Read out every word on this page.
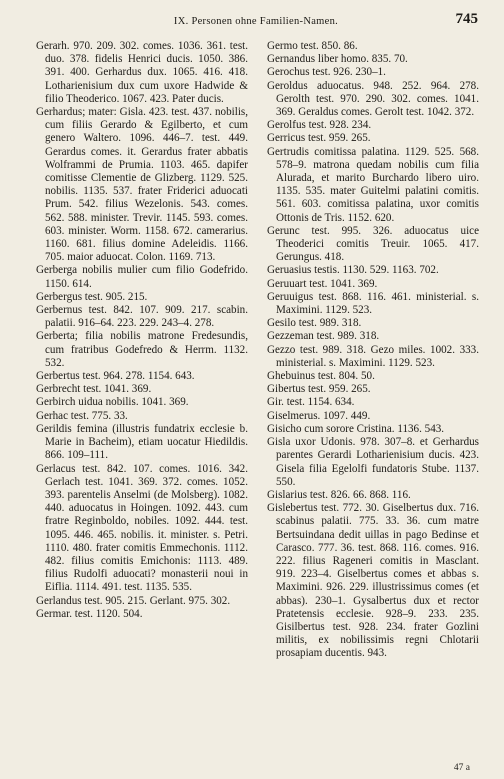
IX. Personen ohne Familien-Namen.	745

Gerarh. 970. 209. 302. comes. 1036. 361. test. duo. 378. fidelis Henrici ducis. 1050. 386. 391. 400. Gerhardus dux. 1065. 416. 418. Lotharienisium dux cum uxore Hadwide & filio Theoderico. 1067. 423. Pater ducis.

Gerhardus; mater: Gisla. 423. test. 437. nobilis, cum filiis Gerardo & Egilberto, et cum genero Waltero. 1096. 446–7. test. 449. Gerardus comes. it. Gerardus frater abbatis Wolframmi de Prumia. 1103. 465. dapifer comitisse Clementie de Glizberg. 1129. 525. nobilis. 1135. 537. frater Friderici aduocati Prum. 542. filius Wezelonis. 543. comes. 562. 588. minister. Trevir. 1145. 593. comes. 603. minister. Worm. 1158. 672. camerarius. 1160. 681. filius domine Adeleidis. 1166. 705. maior aduocat. Colon. 1169. 713.

Gerberga nobilis mulier cum filio Godefrido. 1150. 614.

Gerbergus test. 905. 215.

Gerbernus test. 842. 107. 909. 217. scabin. palatii. 916–64. 223. 229. 243–4. 278.

Gerberta; filia nobilis matrone Fredesundis, cum fratribus Godefredo & Herrm. 1132. 532.

Gerbertus test. 964. 278. 1154. 643.

Gerbrecht test. 1041. 369.

Gerbirch uidua nobilis. 1041. 369.

Gerhac test. 775. 33.

Gerildis femina (illustris fundatrix ecclesie b. Marie in Bacheim), etiam uocatur Hiedildis. 866. 109–111.

Gerlacus test. 842. 107. comes. 1016. 342. Gerlach test. 1041. 369. 372. comes. 1052. 393. parentelis Anselmi (de Molsberg). 1082. 440. aduocatus in Hoingen. 1092. 443. cum fratre Reginboldo, nobiles. 1092. 444. test. 1095. 446. 465. nobilis. it. minister. s. Petri. 1110. 480. frater comitis Emmechonis. 1112. 482. filius comitis Emichonis: 1113. 489. filius Rudolfi aduocati? monasterii noui in Eiflia. 1114. 491. test. 1135. 535.

Gerlandus test. 905. 215. Gerlant. 975. 302.

Germar. test. 1120. 504.

Germo test. 850. 86.

Gernandus liber homo. 835. 70.

Gerochus test. 926. 230–1.

Geroldus aduocatus. 948. 252. 964. 278. Gerolth test. 970. 290. 302. comes. 1041. 369. Geraldus comes. Gerolt test. 1042. 372.

Gerolfus test. 928. 234.

Gerricus test. 959. 265.

Gertrudis comitissa palatina. 1129. 525. 568. 578–9. matrona quedam nobilis cum filia Alurada, et marito Burchardo libero uiro. 1135. 535. mater Guitelmi palatini comitis. 561. 603. comitissa palatina, uxor comitis Ottonis de Tris. 1152. 620.

Gerunc test. 995. 326. aduocatus uice Theoderici comitis Treuir. 1065. 417. Gerungus. 418.

Geruasius testis. 1130. 529. 1163. 702.

Geruuart test. 1041. 369.

Geruuigus test. 868. 116. 461. ministerial. s. Maximini. 1129. 523.

Gesilo test. 989. 318.

Gezzeman test. 989. 318.

Gezzo test. 989. 318. Gezo miles. 1002. 333. ministerial. s. Maximini. 1129. 523.

Ghebuinus test. 804. 50.

Gibertus test. 959. 265.

Gir. test. 1154. 634.

Giselmerus. 1097. 449.

Gisicho cum sorore Cristina. 1136. 543.

Gisla uxor Udonis. 978. 307–8. et Gerhardus parentes Gerardi Lotharienisium ducis. 423. Gisela filia Egelolfi fundatoris Stube. 1137. 550.

Gislarius test. 826. 66. 868. 116.

Gislebertus test. 772. 30. Giselbertus dux. 716. scabinus palatii. 775. 33. 36. cum matre Bertsuindana dedit uillas in pago Bedinse et Carasco. 777. 36. test. 868. 116. comes. 916. 222. filius Rageneri comitis in Masclant. 919. 223–4. Giselbertus comes et abbas s. Maximini. 926. 229. illustrissimus comes (et abbas). 230–1. Gysalbertus dux et rector Pratetensis ecclesie. 928–9. 233. 235. Gisilbertus test. 928. 234. frater Gozlini militis, ex nobilissimis regni Chlotarii prosapiam ducentis. 943.

47 a
